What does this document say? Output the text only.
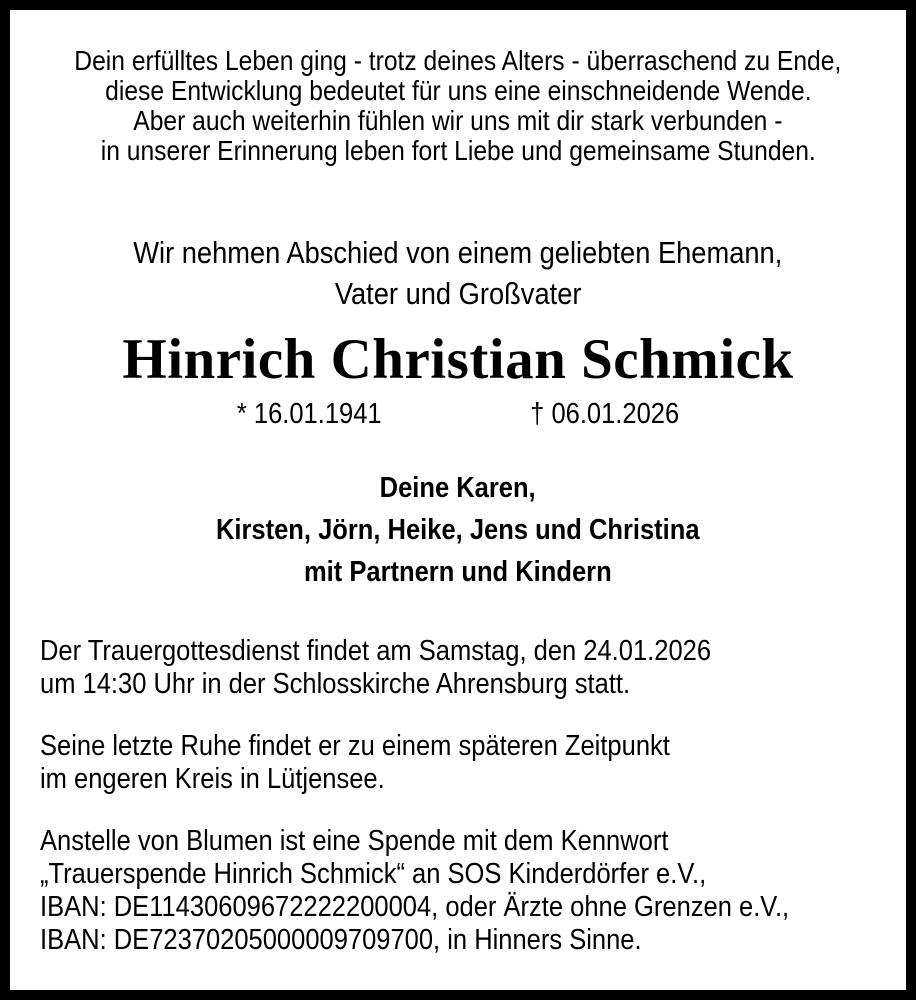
Dein erfülltes Leben ging - trotz deines Alters - überraschend zu Ende,
diese Entwicklung bedeutet für uns eine einschneidende Wende.
Aber auch weiterhin fühlen wir uns mit dir stark verbunden -
in unserer Erinnerung leben fort Liebe und gemeinsame Stunden.
Wir nehmen Abschied von einem geliebten Ehemann,
Vater und Großvater
Hinrich Christian Schmick
* 16.01.1941	† 06.01.2026
Deine Karen,
Kirsten, Jörn, Heike, Jens und Christina
mit Partnern und Kindern
Der Trauergottesdienst findet am Samstag, den 24.01.2026
um 14:30 Uhr in der Schlosskirche Ahrensburg statt.
Seine letzte Ruhe findet er zu einem späteren Zeitpunkt
im engeren Kreis in Lütjensee.
Anstelle von Blumen ist eine Spende mit dem Kennwort
„Trauerspende Hinrich Schmick“ an SOS Kinderdörfer e.V.,
IBAN: DE11430609672222200004, oder Ärzte ohne Grenzen e.V.,
IBAN: DE72370205000009709700, in Hinners Sinne.
